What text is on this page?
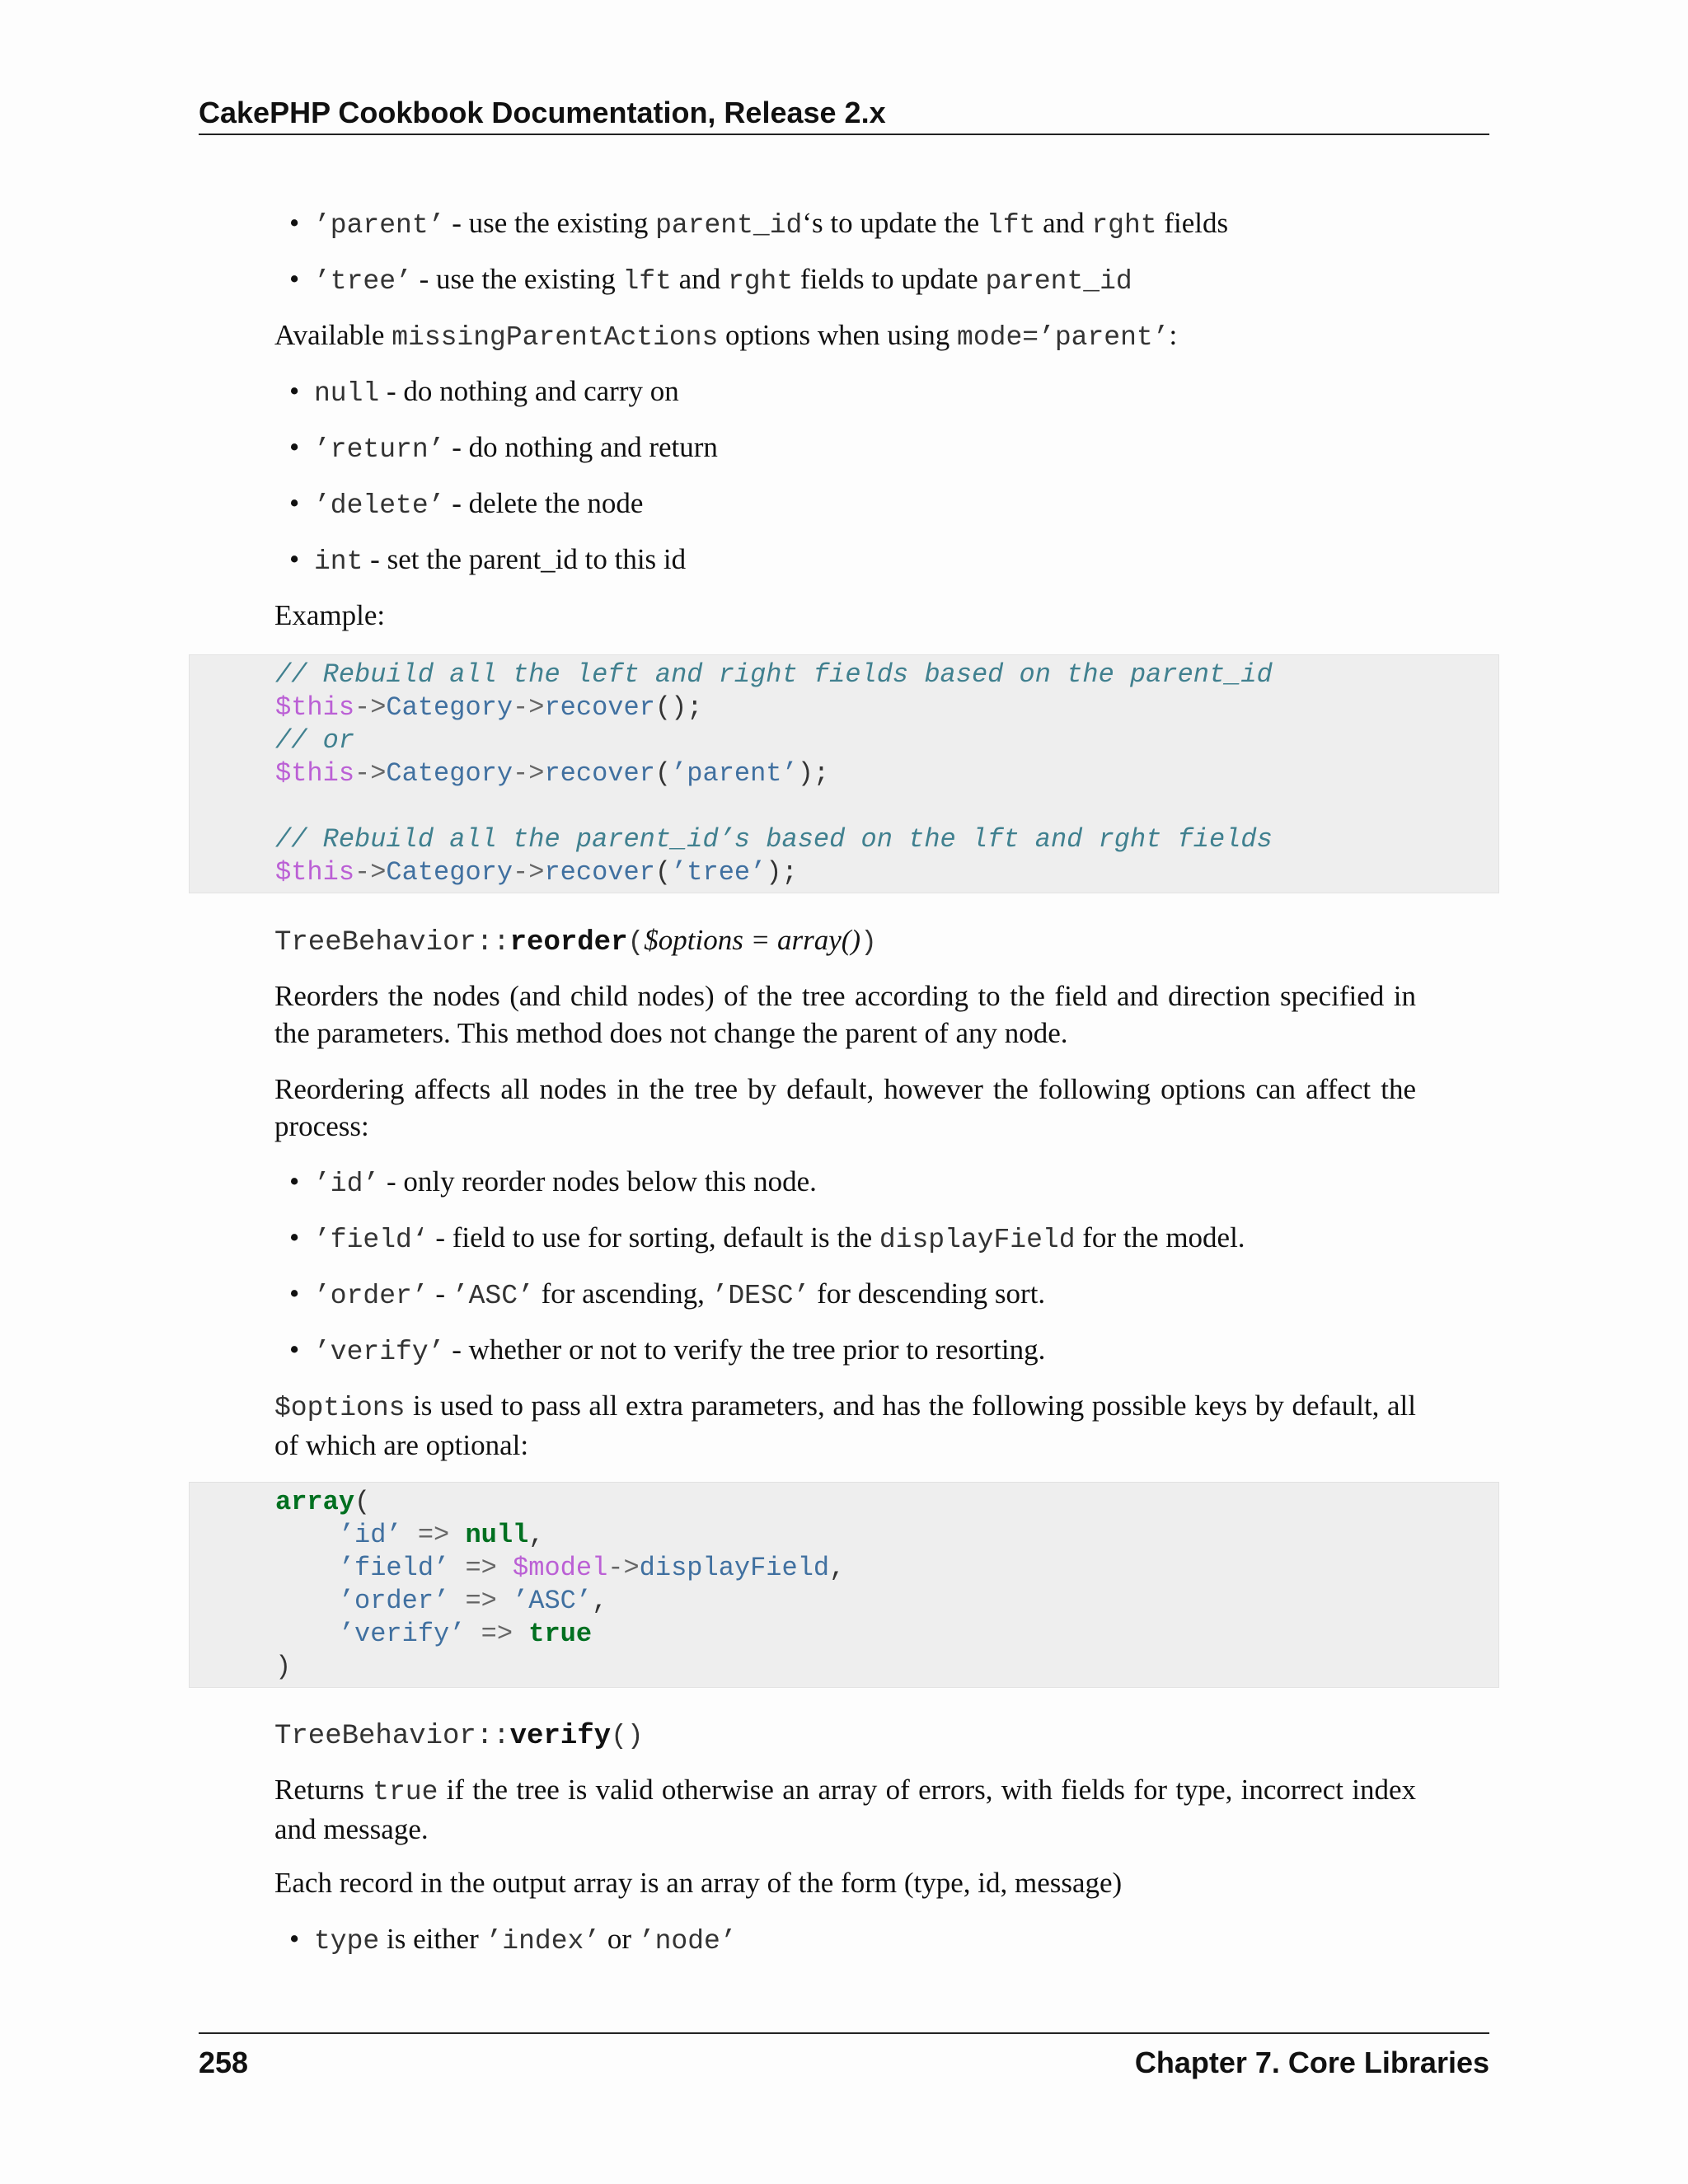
CakePHP Cookbook Documentation, Release 2.x
• ’parent’ - use the existing parent_id‘s to update the lft and rght fields
• ’tree’ - use the existing lft and rght fields to update parent_id
Available missingParentActions options when using mode=’parent’:
• null - do nothing and carry on
• ’return’ - do nothing and return
• ’delete’ - delete the node
• int - set the parent_id to this id
Example:
// Rebuild all the left and right fields based on the parent_id
$this->Category->recover();
// or
$this->Category->recover(’parent’);

// Rebuild all the parent_id’s based on the lft and rght fields
$this->Category->recover(’tree’);
TreeBehavior::reorder($options = array())
Reorders the nodes (and child nodes) of the tree according to the field and direction specified in the parameters. This method does not change the parent of any node.
Reordering affects all nodes in the tree by default, however the following options can affect the process:
• ’id’ - only reorder nodes below this node.
• ’field‘ - field to use for sorting, default is the displayField for the model.
• ’order’ - ’ASC’ for ascending, ’DESC’ for descending sort.
• ’verify’ - whether or not to verify the tree prior to resorting.
$options is used to pass all extra parameters, and has the following possible keys by default, all of which are optional:
array(
’id’ => null,
’field’ => $model->displayField,
’order’ => ’ASC’,
’verify’ => true
)
TreeBehavior::verify()
Returns true if the tree is valid otherwise an array of errors, with fields for type, incorrect index and message.
Each record in the output array is an array of the form (type, id, message)
• type is either ’index’ or ’node’
258	Chapter 7. Core Libraries
